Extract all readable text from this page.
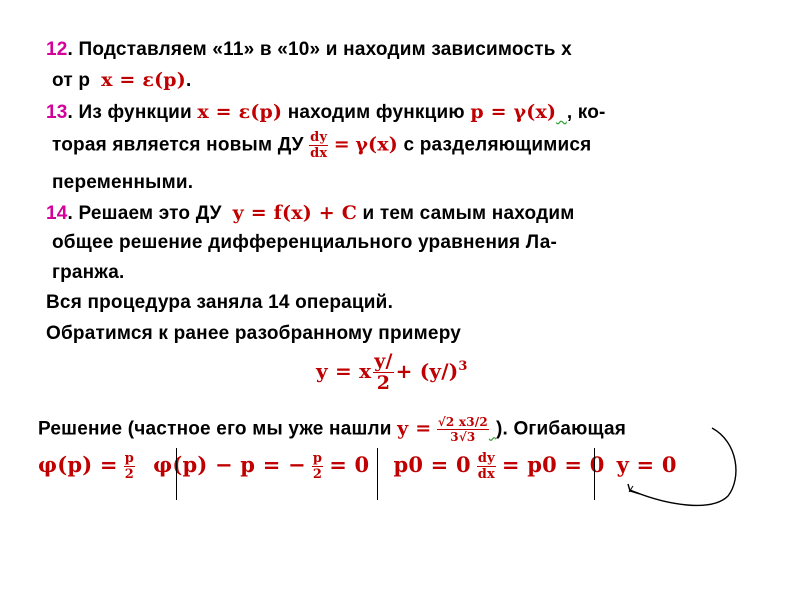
12. Подставляем «11» в «10» и находим зависимость x
от p x = ε(p).
13. Из функции x = ε(p) находим функцию p = γ(x) , ко-
торая является новым ДУ $\frac{dy}{dx} = \gamma(x)$ с разделяющимися
переменными.
14. Решаем это ДУ y = f(x) + C и тем самым находим
общее решение дифференциального уравнения Ла-
гранжа.
Вся процедура заняла 14 операций.
Обратимся к ранее разобранному примеру
y = x $\frac{y/}{2} + (y/)^3$
Решение (частное его мы уже нашли $y = \frac{√2 x3/2}{3√3}$ ). Огибающая
$\varphi(p) = \frac{p}{2} \varphi(p) - p$ = − $\frac{p}{2} = 0$ $p0 = 0 \frac{dy}{dx} = p0 = 0$ y = 0
